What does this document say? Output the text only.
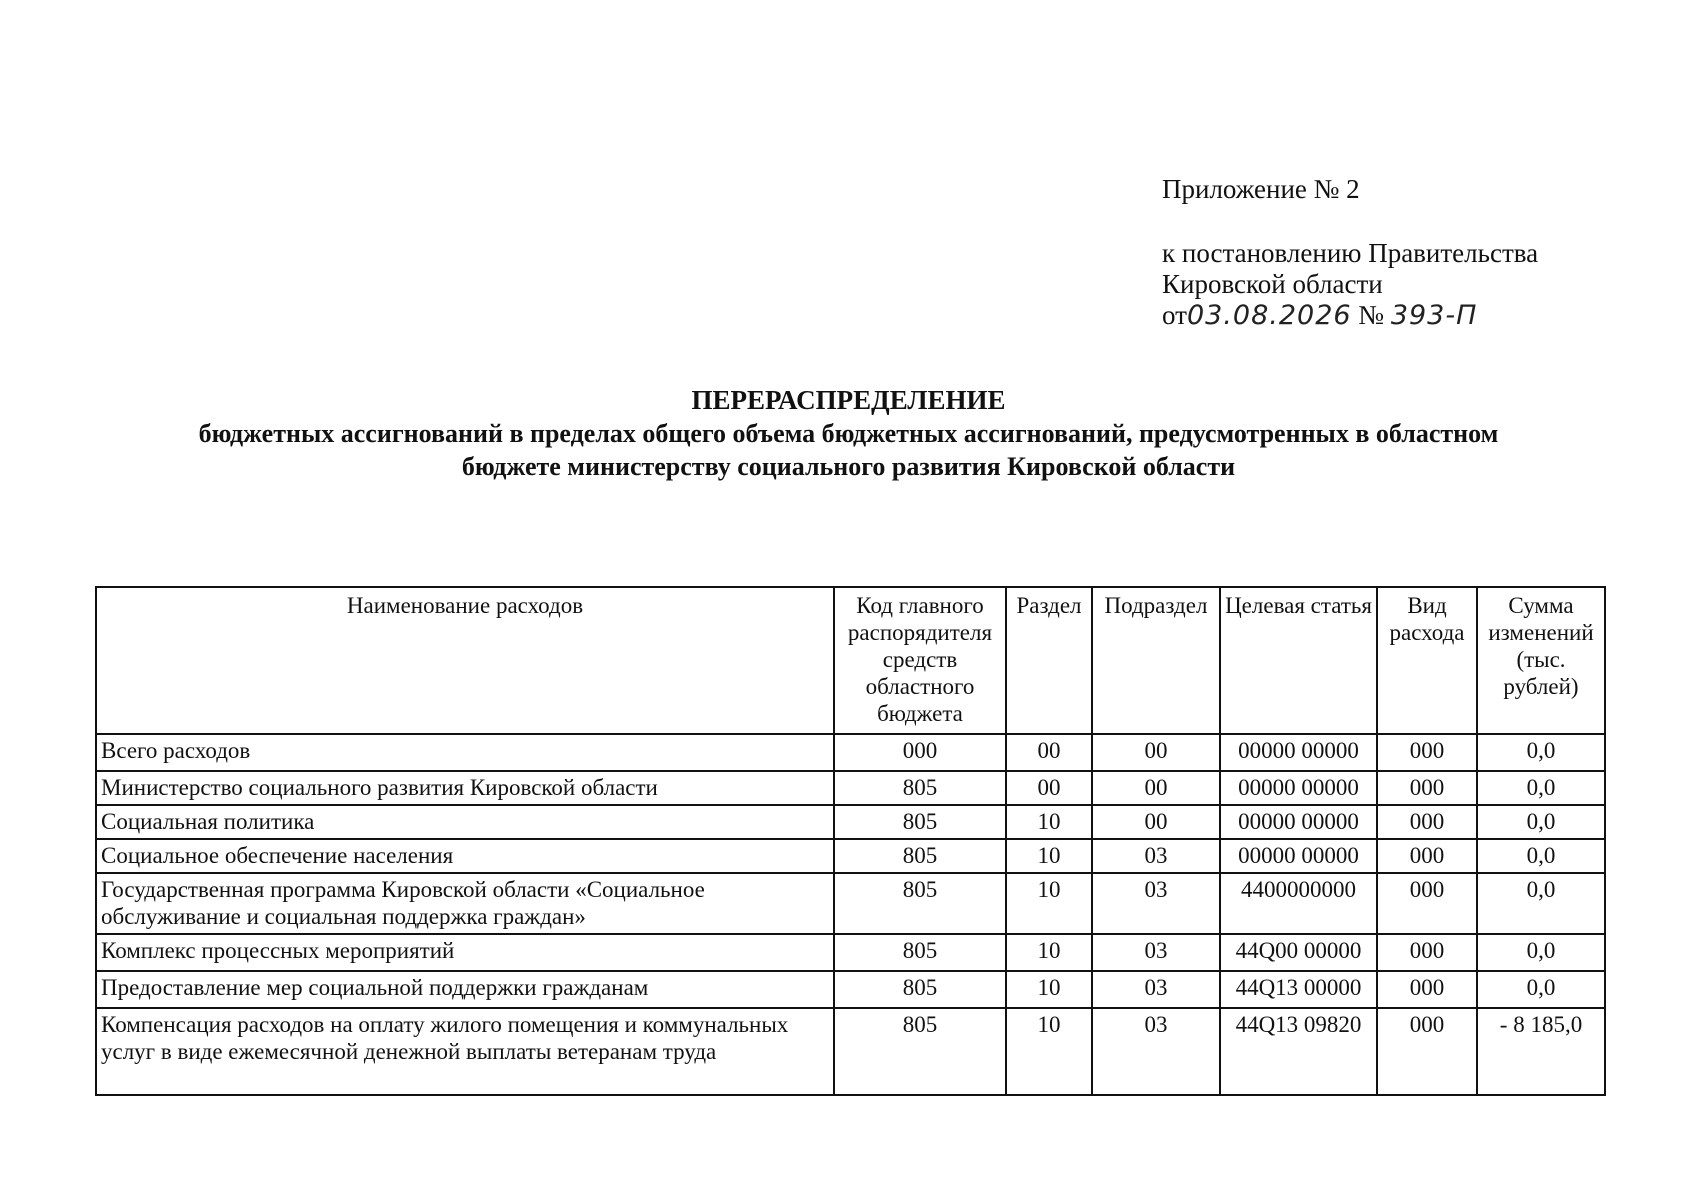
Приложение № 2
к постановлению Правительства
Кировской области
от03.08.2026 № 393-П
ПЕРЕРАСПРЕДЕЛЕНИЕ
бюджетных ассигнований в пределах общего объема бюджетных ассигнований, предусмотренных в областном
бюджете министерству социального развития Кировской области
Наименование расходов	Код главного распорядителя средств областного бюджета	Раздел	Подраздел	Целевая статья	Вид расхода	Сумма изменений (тыс. рублей)
Всего расходов	000	00	00	00000 00000	000	0,0
Министерство социального развития Кировской области	805	00	00	00000 00000	000	0,0
Социальная политика	805	10	00	00000 00000	000	0,0
Социальное обеспечение населения	805	10	03	00000 00000	000	0,0
Государственная программа Кировской области «Социальное обслуживание и социальная поддержка граждан»	805	10	03	4400000000	000	0,0
Комплекс процессных мероприятий	805	10	03	44Q00 00000	000	0,0
Предоставление мер социальной поддержки гражданам	805	10	03	44Q13 00000	000	0,0
Компенсация расходов на оплату жилого помещения и коммунальных услуг в виде ежемесячной денежной выплаты ветеранам труда	805	10	03	44Q13 09820	000	- 8 185,0
